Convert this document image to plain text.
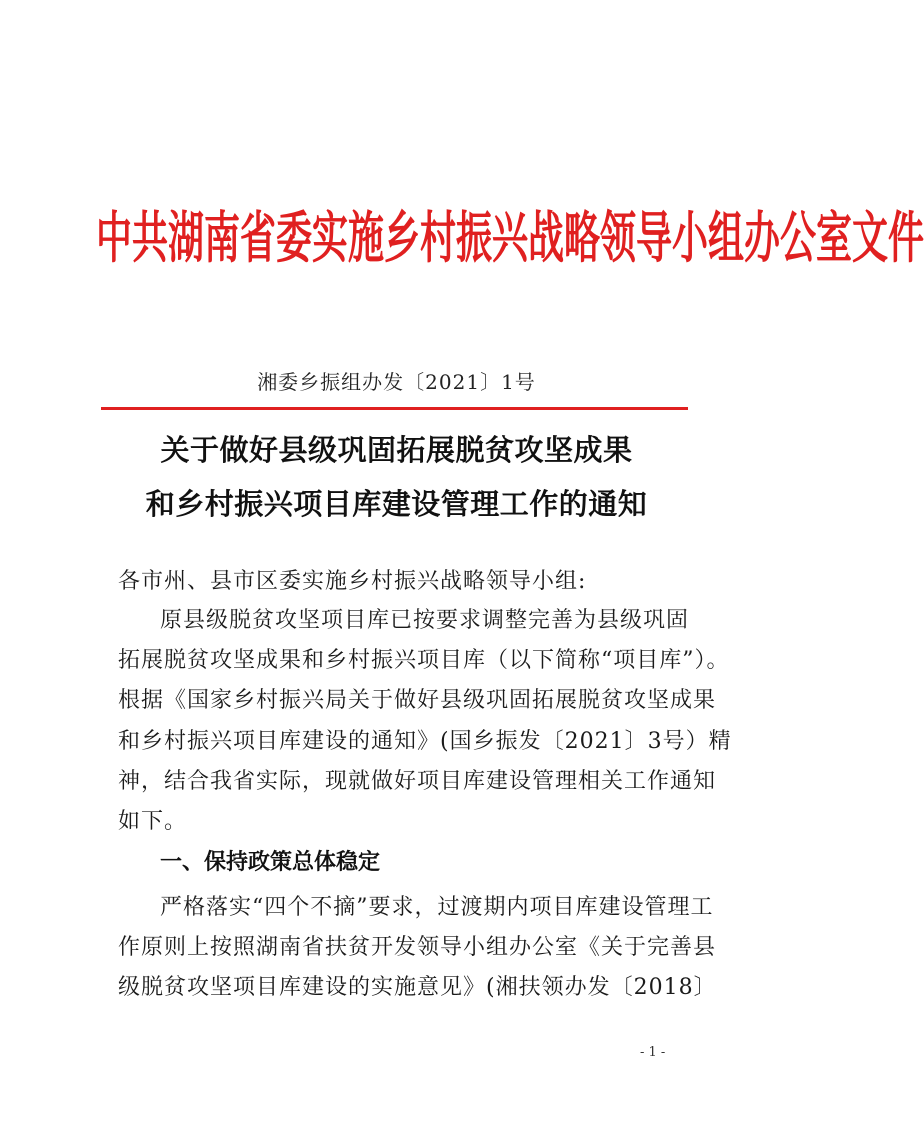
中共湖南省委实施乡村振兴战略领导小组办公室文件
湘委乡振组办发〔2021〕1号
关于做好县级巩固拓展脱贫攻坚成果
和乡村振兴项目库建设管理工作的通知
各市州、县市区委实施乡村振兴战略领导小组:
原县级脱贫攻坚项目库已按要求调整完善为县级巩固
拓展脱贫攻坚成果和乡村振兴项目库（以下简称“项目库”）。
根据《国家乡村振兴局关于做好县级巩固拓展脱贫攻坚成果
和乡村振兴项目库建设的通知》(国乡振发〔2021〕3号）精
神，结合我省实际，现就做好项目库建设管理相关工作通知
如下。
一、保持政策总体稳定
严格落实“四个不摘”要求，过渡期内项目库建设管理工
作原则上按照湖南省扶贫开发领导小组办公室《关于完善县
级脱贫攻坚项目库建设的实施意见》(湘扶领办发〔2018〕
- 1 -
